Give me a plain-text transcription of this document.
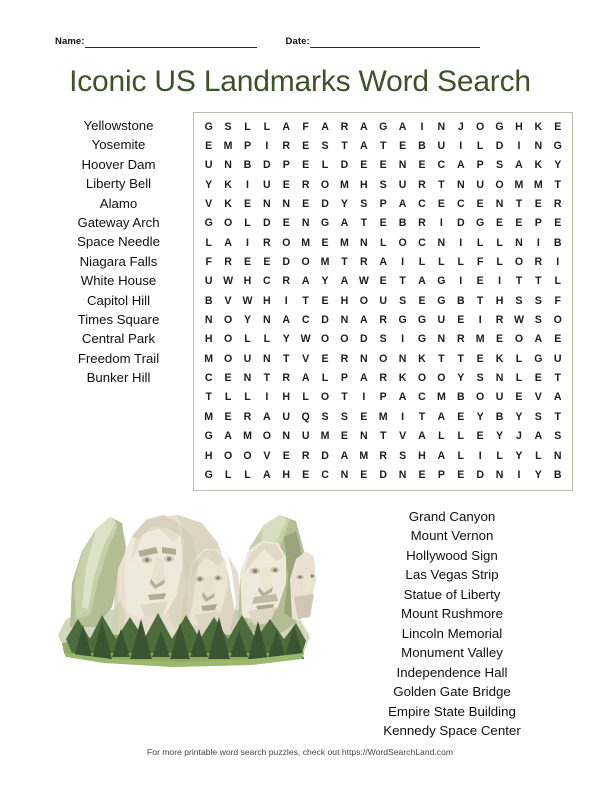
Name:	Date:
Iconic US Landmarks Word Search
Yellowstone
Yosemite
Hoover Dam
Liberty Bell
Alamo
Gateway Arch
Space Needle
Niagara Falls
White House
Capitol Hill
Times Square
Central Park
Freedom Trail
Bunker Hill
G	S	L	L	A	F	A	R	A	G	A	I	N	J	O	G	H	K	E
E	M	P	I	R	E	S	T	A	T	E	B	U	I	L	D	I	N	G
U	N	B	D	P	E	L	D	E	E	N	E	C	A	P	S	A	K	Y
Y	K	I	U	E	R	O	M	H	S	U	R	T	N	U	O	M	M	T
V	K	E	N	N	E	D	Y	S	P	A	C	E	C	E	N	T	E	R
G	O	L	D	E	N	G	A	T	E	B	R	I	D	G	E	E	P	E
L	A	I	R	O	M	E	M	N	L	O	C	N	I	L	L	N	I	B
F	R	E	E	D	O	M	T	R	A	I	L	L	L	F	L	O	R	I
U	W	H	C	R	A	Y	A	W	E	T	A	G	I	E	I	T	T	L
B	V	W	H	I	T	E	H	O	U	S	E	G	B	T	H	S	S	F
N	O	Y	N	A	C	D	N	A	R	G	G	U	E	I	R	W	S	O
H	O	L	L	Y	W	O	O	D	S	I	G	N	R	M	E	O	A	E
M	O	U	N	T	V	E	R	N	O	N	K	T	T	E	K	L	G	U
C	E	N	T	R	A	L	P	A	R	K	O	O	Y	S	N	L	E	T
T	L	L	I	H	L	O	T	I	P	A	C	M	B	O	U	E	V	A
M	E	R	A	U	Q	S	S	E	M	I	T	A	E	Y	B	Y	S	T
G	A	M	O	N	U	M	E	N	T	V	A	L	L	E	Y	J	A	S
H	O	O	V	E	R	D	A	M	R	S	H	A	L	I	L	Y	L	N
G	L	L	A	H	E	C	N	E	D	N	E	P	E	D	N	I	Y	B
Grand Canyon
Mount Vernon
Hollywood Sign
Las Vegas Strip
Statue of Liberty
Mount Rushmore
Lincoln Memorial
Monument Valley
Independence Hall
Golden Gate Bridge
Empire State Building
Kennedy Space Center
For more printable word search puzzles, check out https://WordSearchLand.com
